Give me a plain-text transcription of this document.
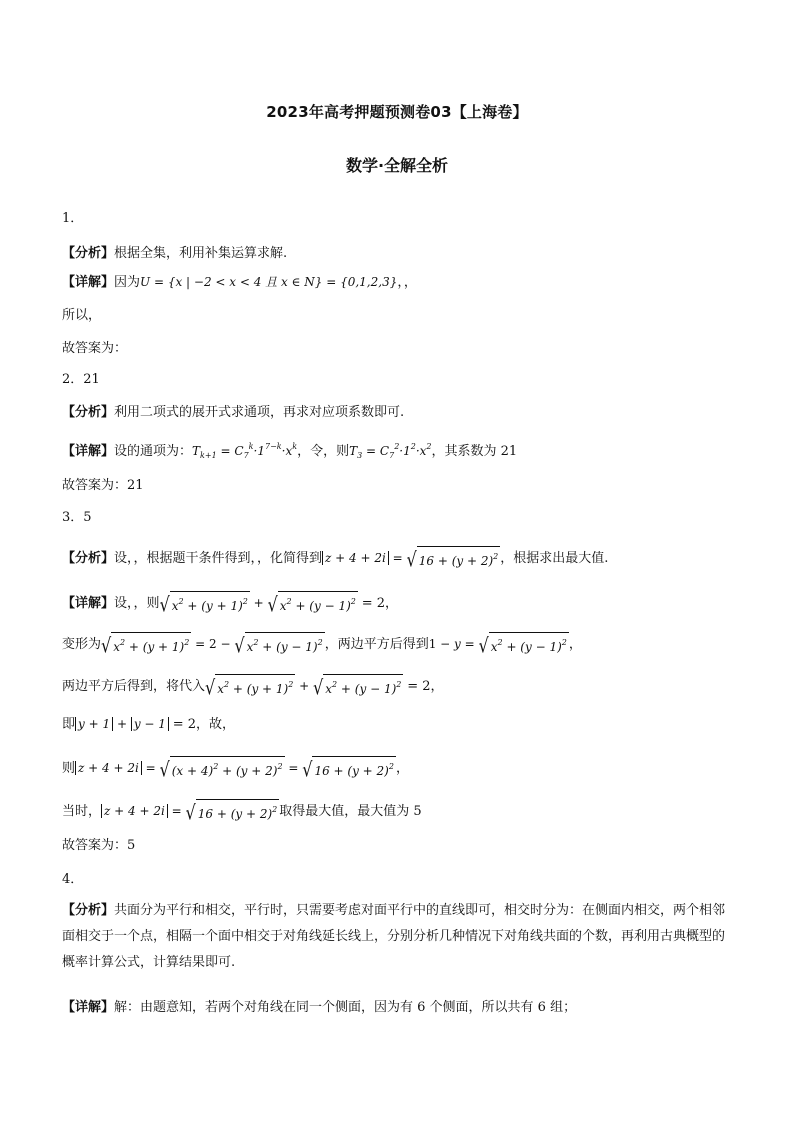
2023年高考押题预测卷03【上海卷】
数学·全解全析
1．
【分析】根据全集，利用补集运算求解.
【详解】因为U = {x | −2 < x < 4 且 x ∈ N} = {0,1,2,3}，，
所以，
故答案为：
2．21
【分析】利用二项式的展开式求通项，再求对应项系数即可.
【详解】设的通项为：$T_{k+1} = C_7^k\cdot 1^{7-k}\cdot x^k$，令，则$T_3 = C_7^2\cdot 1^2\cdot x^2$，其系数为 21
故答案为：21
3．5
【分析】设，，根据题干条件得到，，化简得到 z + 4 + 2i = √ $16 + (y + 2)^2$ ，根据求出最大值.
【详解】设，，则√ $x^2 + (y + 1)^2$ + √ $x^2 + (y - 1)^2 = 2$，
变形为√ $x^2 + (y + 1)^2 = 2$ − √ $x^2 + (y - 1)^2$ ，两边平方后得到1 − y = √ $x^2 + (y - 1)^2$ ，
两边平方后得到，将代入√ $x^2 + (y + 1)^2$ + √ $x^2 + (y - 1)^2 = 2$，
即 y + 1 + y − 1 = 2，故，
则 z + 4 + 2i = √ $(x + 4)^2 + (y + 2)^2$ = √ $16 + (y + 2)^2$ ，
当时， z + 4 + 2i = √ $16 + (y + 2)^2$ 取得最大值，最大值为 5
故答案为：5
4．
【分析】共面分为平行和相交，平行时，只需要考虑对面平行中的直线即可，相交时分为：在侧面内相交，两个相邻面相交于一个点，相隔一个面中相交于对角线延长线上，分别分析几种情况下对角线共面的个数，再利用古典概型的概率计算公式，计算结果即可.
【详解】解：由题意知，若两个对角线在同一个侧面，因为有 6 个侧面，所以共有 6 组；
